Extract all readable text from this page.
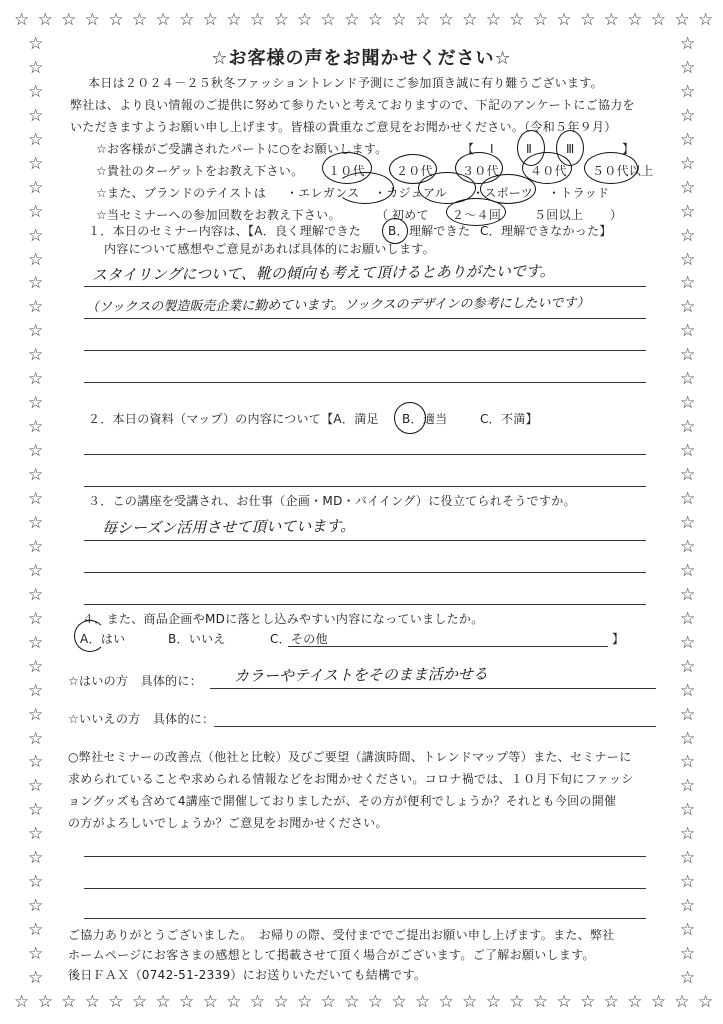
☆
☆
☆
☆
☆
☆
☆
☆
☆
☆
☆
☆
☆
☆
☆
☆
☆
☆
☆
☆
☆
☆
☆
☆
☆
☆
☆
☆
☆
☆
☆
☆
☆
☆
☆
☆
☆
☆
☆
☆
☆
☆
☆
☆
☆
☆
☆
☆
☆
☆
☆
☆
☆
☆
☆
☆
☆
☆
☆
☆
☆	☆
☆	☆
☆	☆
☆	☆
☆	☆
☆	☆
☆	☆
☆	☆
☆	☆
☆	☆
☆	☆
☆	☆
☆	☆
☆	☆
☆	☆
☆	☆
☆	☆
☆	☆
☆	☆
☆	☆
☆	☆
☆	☆
☆	☆
☆	☆
☆	☆
☆	☆
☆	☆
☆	☆
☆	☆
☆	☆
☆	☆
☆	☆
☆	☆
☆	☆
☆	☆
☆	☆
☆	☆
☆	☆
☆	☆
☆	☆
☆お客様の声をお聞かせください☆
本日は２０２４－２５秋冬ファッショントレンド予測にご参加頂き誠に有り難うございます。
弊社は、より良い情報のご提供に努めて参りたいと考えておりますので、下記のアンケートにご協力を
いただきますようお願い申し上げます。皆様の貴重なご意見をお聞かせください。（令和５年９月）
☆お客様がご受講されたパートに○をお願いします。	【 Ⅰ	Ⅱ	Ⅲ	】
☆貴社のターゲットをお教え下さい。 １０代	２０代 ３０代	４０代 ５０代以上
☆また、ブランドのテイストは ・エレガンス ・カジュアル ・スポーツ ・トラッド
☆当セミナーへの参加回数をお教え下さい。	（ 初めて ２～４回	５回以上 ）
１．本日のセミナー内容は、【A．良く理解できた B．理解できた C．理解できなかった】
内容について感想やご意見があれば具体的にお願いします。
スタイリングについて、靴の傾向も考えて頂けるとありがたいです。
（ソックスの製造販売企業に勤めています。ソックスのデザインの参考にしたいです）
２．本日の資料（マップ）の内容について【A．満足 B．適当	C．不満】
３．この講座を受講され、お仕事（企画・MD・バイイング）に役立てられそうですか。
毎シーズン活用させて頂いています。
４．また、商品企画やMDに落とし込みやすい内容になっていましたか。
A．はい	B．いいえ	C．その他	】
☆はいの方　具体的に： カラーやテイストをそのまま活かせる
☆いいえの方　具体的に：
○弊社セミナーの改善点（他社と比較）及びご要望（講演時間、トレンドマップ等）また、セミナーに
求められていることや求められる情報などをお聞かせください。コロナ禍では、１０月下旬にファッシ
ョングッズも含めて4講座で開催しておりましたが、その方が便利でしょうか？それとも今回の開催
の方がよろしいでしょうか？ご意見をお聞かせください。
ご協力ありがとうございました。　お帰りの際、受付まででご提出お願い申し上げます。また、弊社
ホームページにお客さまの感想として掲載させて頂く場合がございます。ご了解お願いします。
後日ＦＡＸ（0742-51-2339）にお送りいただいても結構です。
